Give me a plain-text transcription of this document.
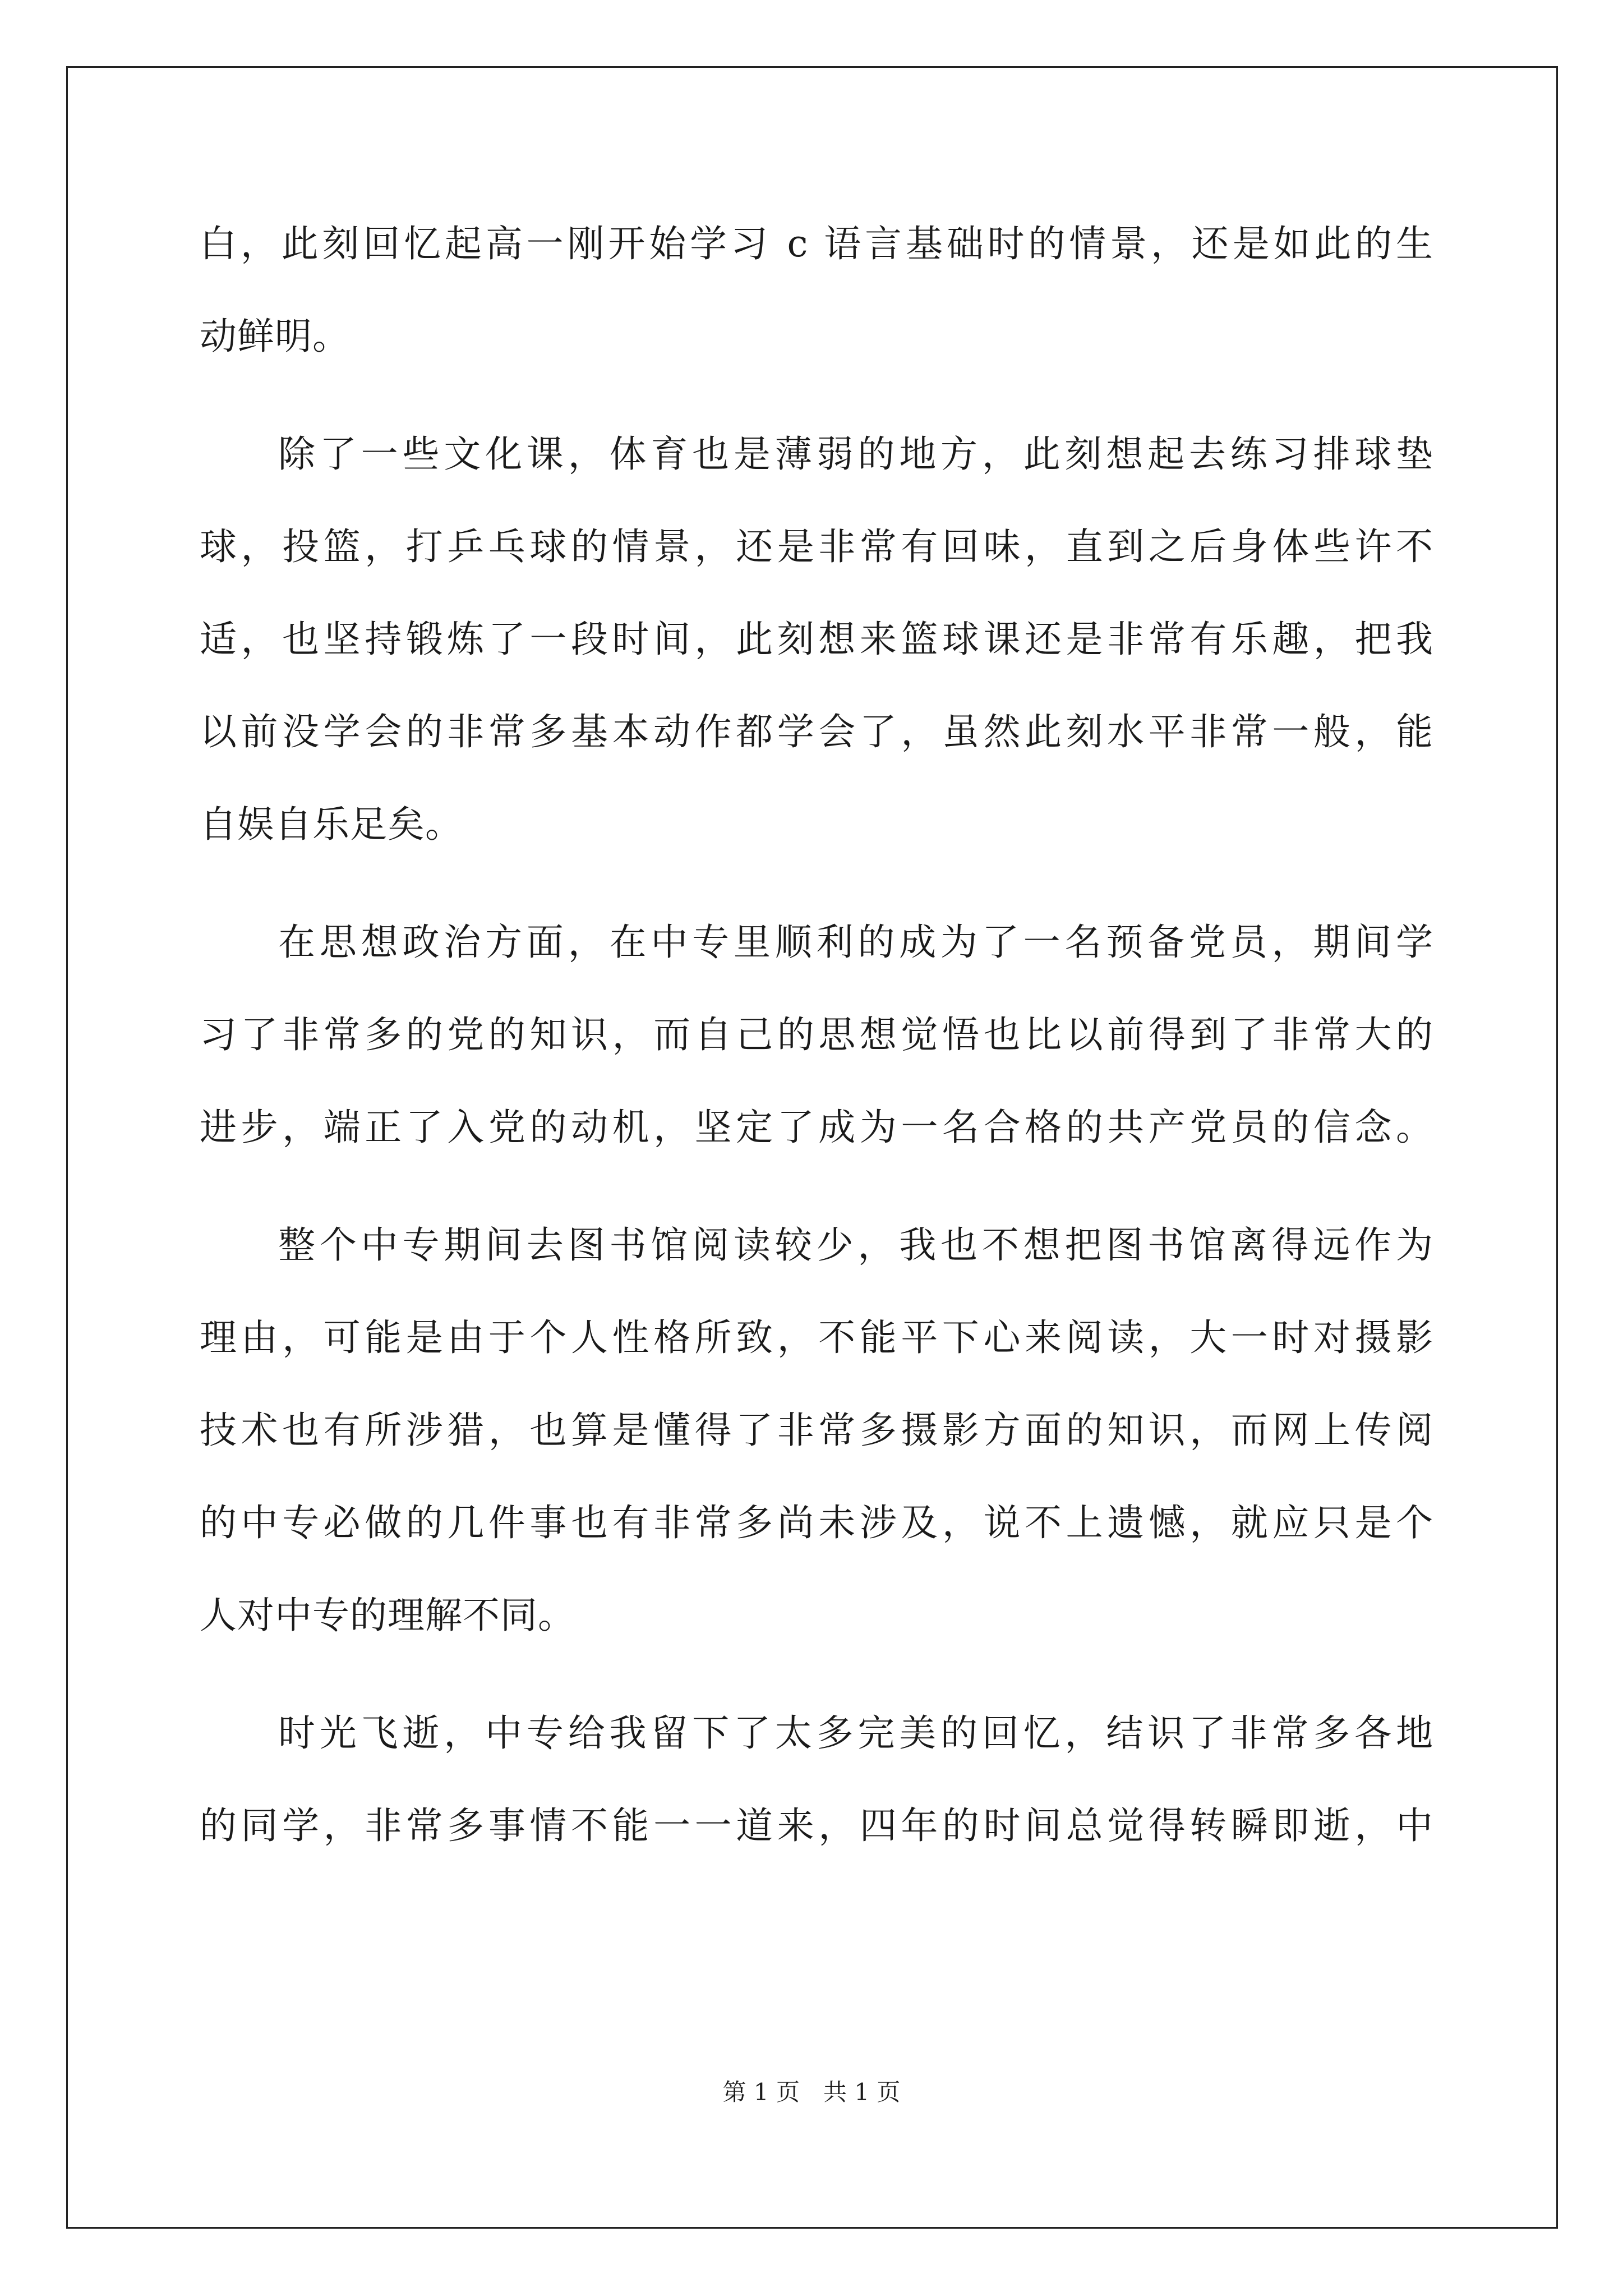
白，此刻回忆起高一刚开始学习 c 语言基础时的情景，还是如此的生
动鲜明。
除了一些文化课，体育也是薄弱的地方，此刻想起去练习排球垫
球，投篮，打乒乓球的情景，还是非常有回味，直到之后身体些许不
适，也坚持锻炼了一段时间，此刻想来篮球课还是非常有乐趣，把我
以前没学会的非常多基本动作都学会了，虽然此刻水平非常一般，能
自娱自乐足矣。
在思想政治方面，在中专里顺利的成为了一名预备党员，期间学
习了非常多的党的知识，而自己的思想觉悟也比以前得到了非常大的
进步，端正了入党的动机，坚定了成为一名合格的共产党员的信念。
整个中专期间去图书馆阅读较少，我也不想把图书馆离得远作为
理由，可能是由于个人性格所致，不能平下心来阅读，大一时对摄影
技术也有所涉猎，也算是懂得了非常多摄影方面的知识，而网上传阅
的中专必做的几件事也有非常多尚未涉及，说不上遗憾，就应只是个
人对中专的理解不同。
时光飞逝，中专给我留下了太多完美的回忆，结识了非常多各地
的同学，非常多事情不能一一道来，四年的时间总觉得转瞬即逝，中
第 1 页 共 1 页
